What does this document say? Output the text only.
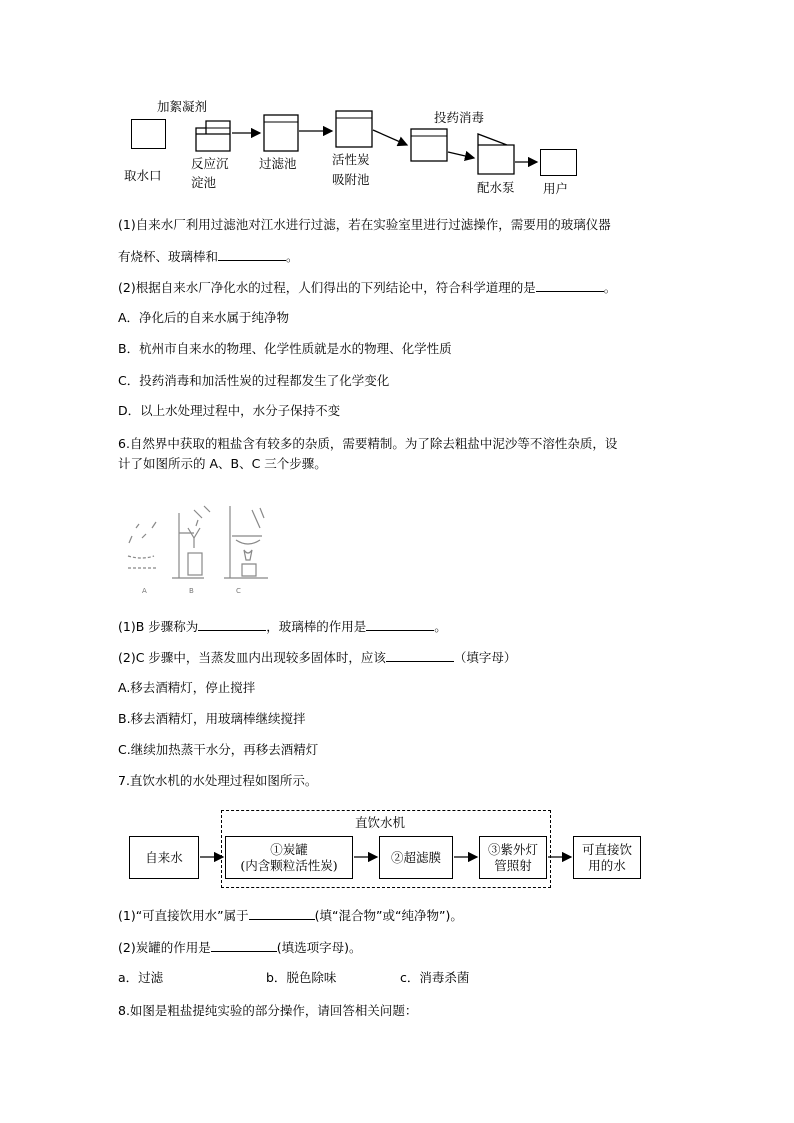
取水口
加絮凝剂
反应沉
淀池
过滤池	活性炭
吸附池
投药消毒
配水泵 用户
(1)自来水厂利用过滤池对江水进行过滤，若在实验室里进行过滤操作，需要用的玻璃仪器
有烧杯、玻璃棒和	。
(2)根据自来水厂净化水的过程，人们得出的下列结论中，符合科学道理的是	。
A．净化后的自来水属于纯净物
B．杭州市自来水的物理、化学性质就是水的物理、化学性质
C．投药消毒和加活性炭的过程都发生了化学变化
D．以上水处理过程中，水分子保持不变
6.自然界中获取的粗盐含有较多的杂质，需要精制。为了除去粗盐中泥沙等不溶性杂质，设
计了如图所示的 A、B、C 三个步骤。
A	B	C
(1)B 步骤称为	，玻璃棒的作用是	。
(2)C 步骤中，当蒸发皿内出现较多固体时，应该	（填字母）
A.移去酒精灯，停止搅拌
B.移去酒精灯，用玻璃棒继续搅拌
C.继续加热蒸干水分，再移去酒精灯
7.直饮水机的水处理过程如图所示。
直饮水机
自来水
①炭罐
(内含颗粒活性炭)
②超滤膜
③紫外灯
管照射
可直接饮
用的水
(1)“可直接饮用水”属于	(填“混合物”或“纯净物”)。
(2)炭罐的作用是	(填选项字母)。
a．过滤	b．脱色除味	c．消毒杀菌
8.如图是粗盐提纯实验的部分操作，请回答相关问题：
